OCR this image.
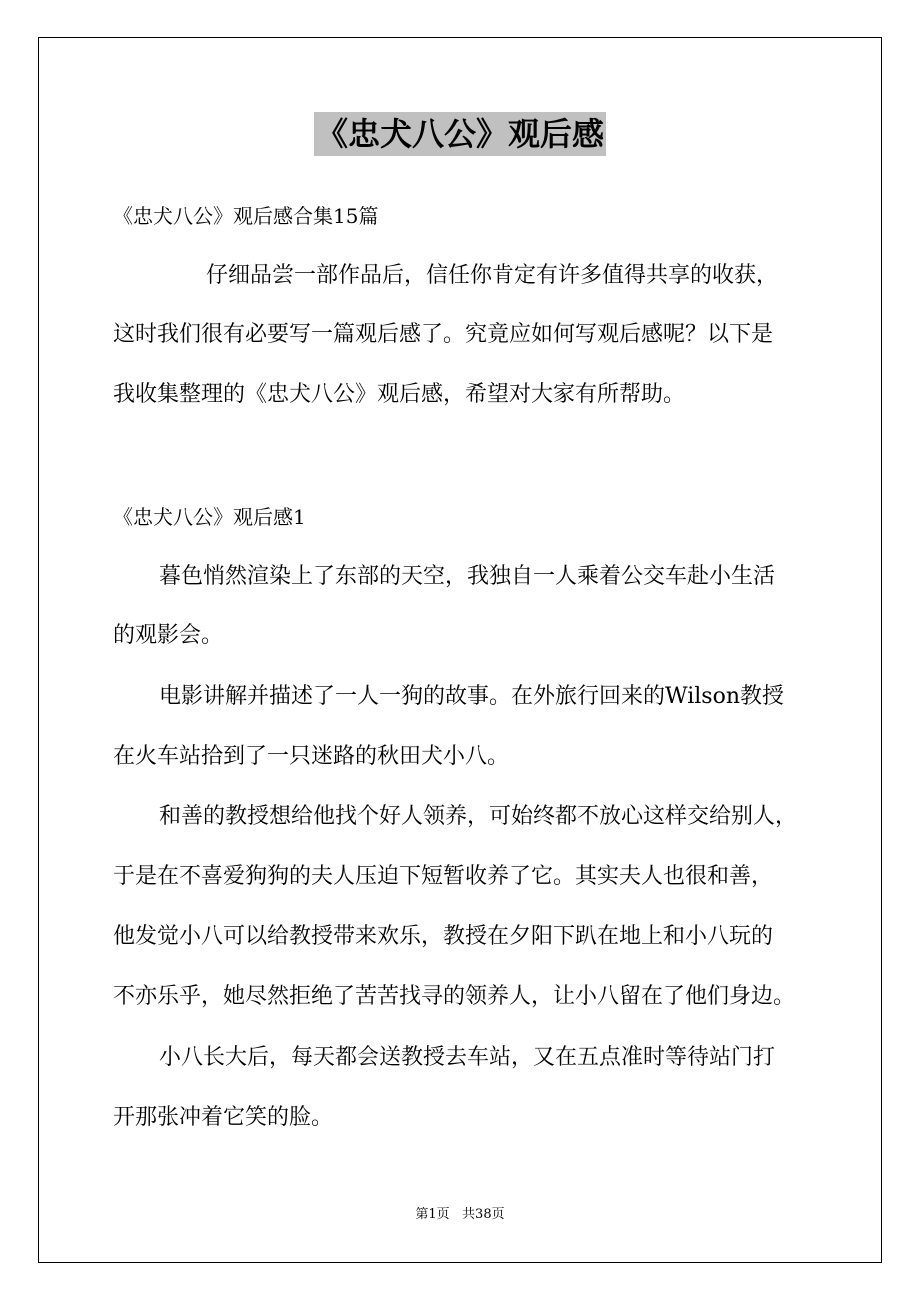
《忠犬八公》观后感
《忠犬八公》观后感合集15篇
仔细品尝一部作品后，信任你肯定有许多值得共享的收获，
这时我们很有必要写一篇观后感了。究竟应如何写观后感呢？以下是
我收集整理的《忠犬八公》观后感，希望对大家有所帮助。
《忠犬八公》观后感1
暮色悄然渲染上了东部的天空，我独自一人乘着公交车赴小生活
的观影会。
电影讲解并描述了一人一狗的故事。在外旅行回来的Wilson教授
在火车站拾到了一只迷路的秋田犬小八。
和善的教授想给他找个好人领养，可始终都不放心这样交给别人，
于是在不喜爱狗狗的夫人压迫下短暂收养了它。其实夫人也很和善，
他发觉小八可以给教授带来欢乐，教授在夕阳下趴在地上和小八玩的
不亦乐乎，她尽然拒绝了苦苦找寻的领养人，让小八留在了他们身边。
小八长大后，每天都会送教授去车站，又在五点准时等待站门打
开那张冲着它笑的脸。
第1页   共38页
